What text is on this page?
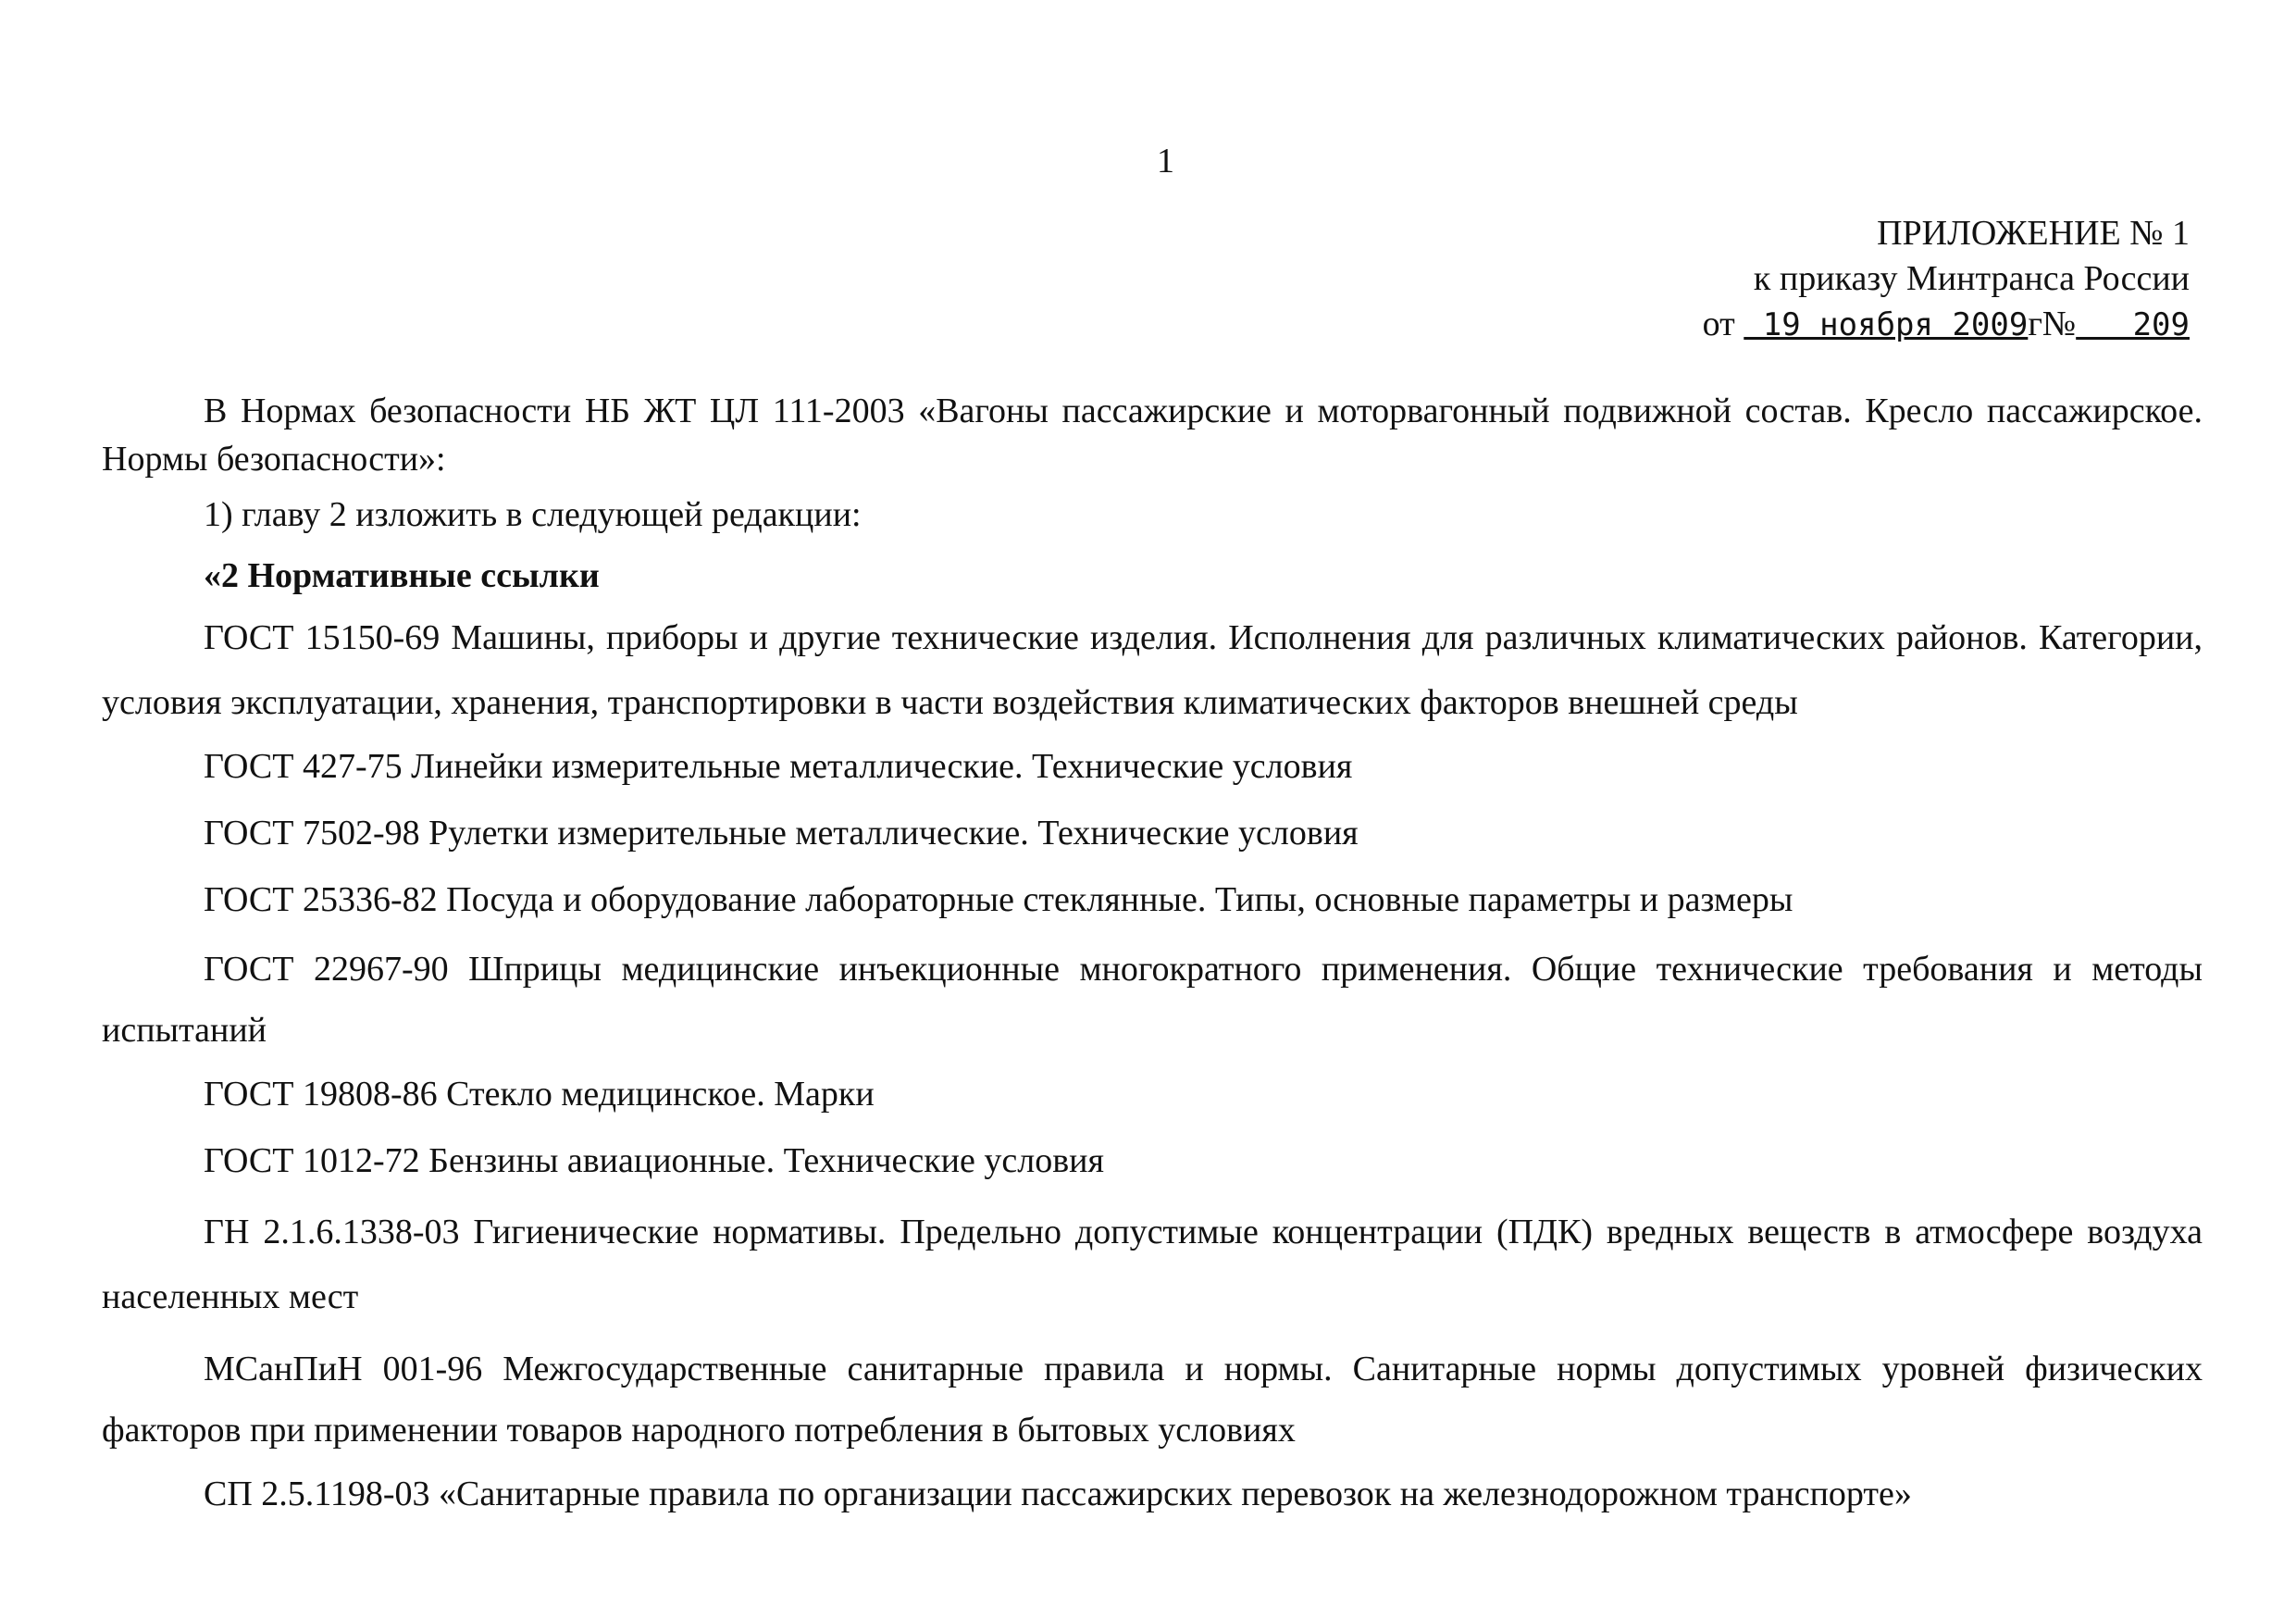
1
ПРИЛОЖЕНИЕ № 1
к приказу Минтранса России
от  19 ноября 2009г№   209

В Нормах безопасности НБ ЖТ ЦЛ 111-2003 «Вагоны пассажирские и моторвагонный подвижной состав. Кресло пассажирское. Нормы безопасности»:

1) главу 2 изложить в следующей редакции:

«2 Нормативные ссылки

ГОСТ 15150-69 Машины, приборы и другие технические изделия. Исполнения для различных климатических районов. Категории, условия эксплуатации, хранения, транспортировки в части воздействия климатических факторов внешней среды

ГОСТ 427-75 Линейки измерительные металлические. Технические условия

ГОСТ 7502-98 Рулетки измерительные металлические. Технические условия

ГОСТ 25336-82 Посуда и оборудование лабораторные стеклянные. Типы, основные параметры и размеры

ГОСТ 22967-90 Шприцы медицинские инъекционные многократного применения. Общие технические требования и методы испытаний

ГОСТ 19808-86 Стекло медицинское. Марки

ГОСТ 1012-72 Бензины авиационные. Технические условия

ГН 2.1.6.1338-03 Гигиенические нормативы. Предельно допустимые концентрации (ПДК) вредных веществ в атмосфере воздуха населенных мест

МСанПиН 001-96 Межгосударственные санитарные правила и нормы. Санитарные нормы допустимых уровней физических факторов при применении товаров народного потребления в бытовых условиях

СП 2.5.1198-03 «Санитарные правила по организации пассажирских перевозок на железнодорожном транспорте»
